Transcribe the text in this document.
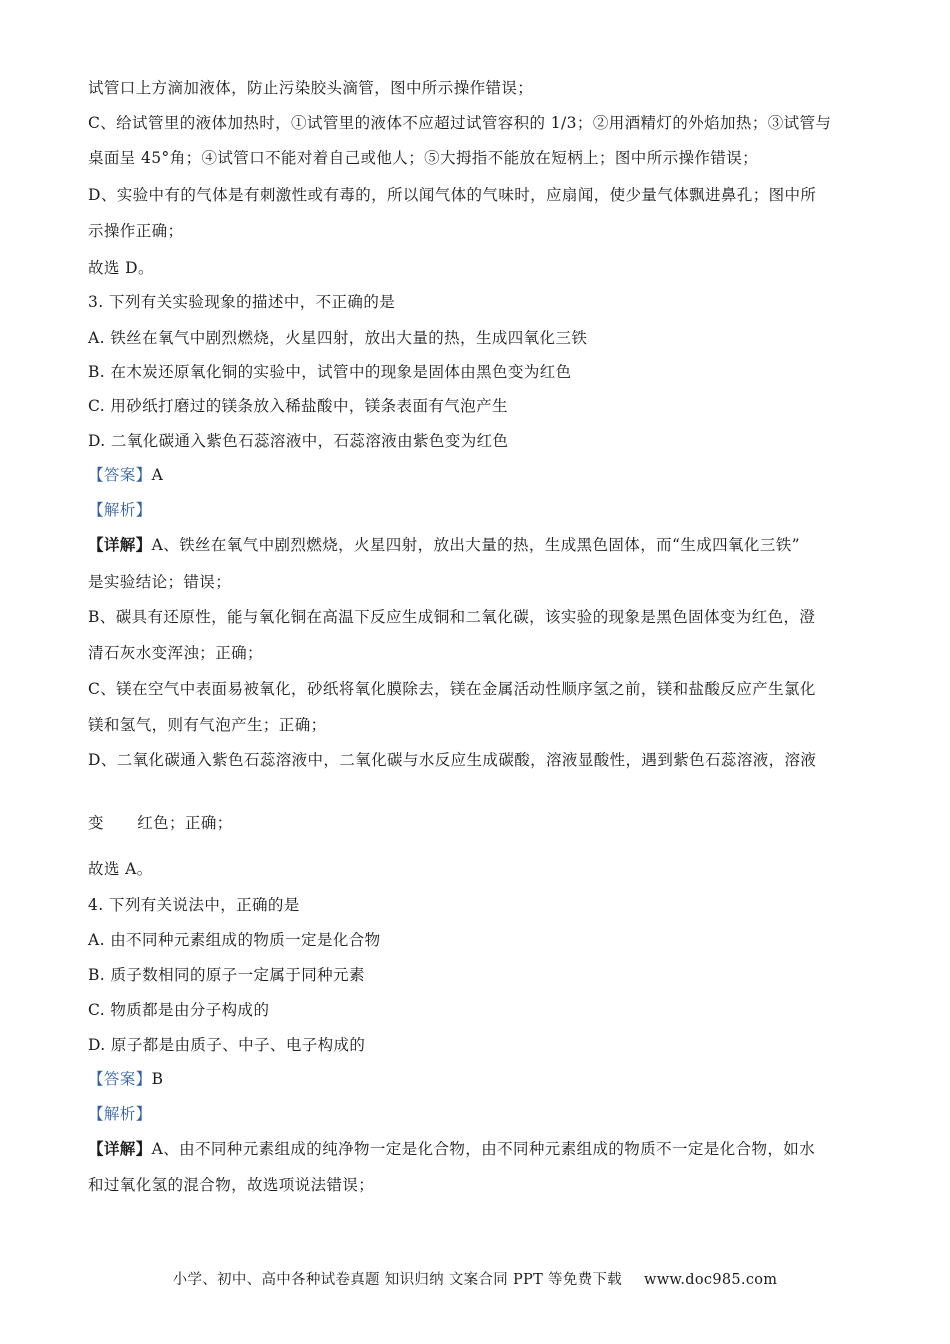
试管口上方滴加液体，防止污染胶头滴管，图中所示操作错误；
C、给试管里的液体加热时，①试管里的液体不应超过试管容积的 1/3；②用酒精灯的外焰加热；③试管与
桌面呈 45°角；④试管口不能对着自己或他人；⑤大拇指不能放在短柄上；图中所示操作错误；
D、实验中有的气体是有刺激性或有毒的，所以闻气体的气味时，应扇闻，使少量气体飘进鼻孔；图中所
示操作正确；
故选 D。
3. 下列有关实验现象的描述中，不正确的是
A. 铁丝在氧气中剧烈燃烧，火星四射，放出大量的热，生成四氧化三铁
B. 在木炭还原氧化铜的实验中，试管中的现象是固体由黑色变为红色
C. 用砂纸打磨过的镁条放入稀盐酸中，镁条表面有气泡产生
D. 二氧化碳通入紫色石蕊溶液中，石蕊溶液由紫色变为红色
【答案】A
【解析】
【详解】A、铁丝在氧气中剧烈燃烧，火星四射，放出大量的热，生成黑色固体，而“生成四氧化三铁”
是实验结论；错误；
B、碳具有还原性，能与氧化铜在高温下反应生成铜和二氧化碳，该实验的现象是黑色固体变为红色，澄
清石灰水变浑浊；正确；
C、镁在空气中表面易被氧化，砂纸将氧化膜除去，镁在金属活动性顺序氢之前，镁和盐酸反应产生氯化
镁和氢气，则有气泡产生；正确；
D、二氧化碳通入紫色石蕊溶液中，二氧化碳与水反应生成碳酸，溶液显酸性，遇到紫色石蕊溶液，溶液
变 红色；正确；
故选 A。
4. 下列有关说法中，正确的是
A. 由不同种元素组成的物质一定是化合物
B. 质子数相同的原子一定属于同种元素
C. 物质都是由分子构成的
D. 原子都是由质子、中子、电子构成的
【答案】B
【解析】
【详解】A、由不同种元素组成的纯净物一定是化合物，由不同种元素组成的物质不一定是化合物，如水
和过氧化氢的混合物，故选项说法错误；
小学、初中、高中各种试卷真题 知识归纳 文案合同 PPT 等免费下载 www.doc985.com
